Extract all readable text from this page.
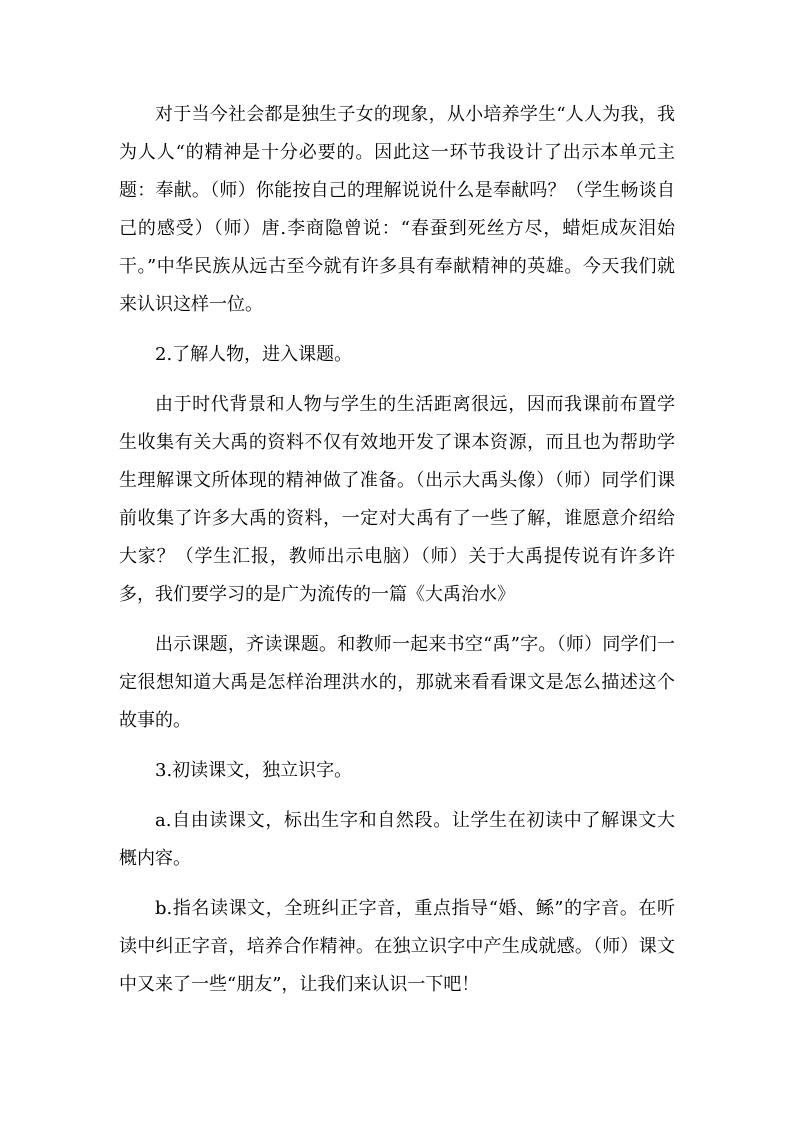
对于当今社会都是独生子女的现象，从小培养学生“人人为我，我为人人“的精神是十分必要的。因此这一环节我设计了出示本单元主题：奉献。（师）你能按自己的理解说说什么是奉献吗？（学生畅谈自己的感受）（师）唐.李商隐曾说：“春蚕到死丝方尽，蜡炬成灰泪始干。”中华民族从远古至今就有许多具有奉献精神的英雄。今天我们就来认识这样一位。

2.了解人物，进入课题。

由于时代背景和人物与学生的生活距离很远，因而我课前布置学生收集有关大禹的资料不仅有效地开发了课本资源，而且也为帮助学生理解课文所体现的精神做了准备。（出示大禹头像）（师）同学们课前收集了许多大禹的资料，一定对大禹有了一些了解，谁愿意介绍给大家？（学生汇报，教师出示电脑）（师）关于大禹提传说有许多许多，我们要学习的是广为流传的一篇《大禹治水》

出示课题，齐读课题。和教师一起来书空“禹”字。（师）同学们一定很想知道大禹是怎样治理洪水的，那就来看看课文是怎么描述这个故事的。

3.初读课文，独立识字。

a.自由读课文，标出生字和自然段。让学生在初读中了解课文大概内容。

b.指名读课文，全班纠正字音，重点指导“婚、鲧”的字音。在听读中纠正字音，培养合作精神。在独立识字中产生成就感。（师）课文中又来了一些“朋友”，让我们来认识一下吧！
